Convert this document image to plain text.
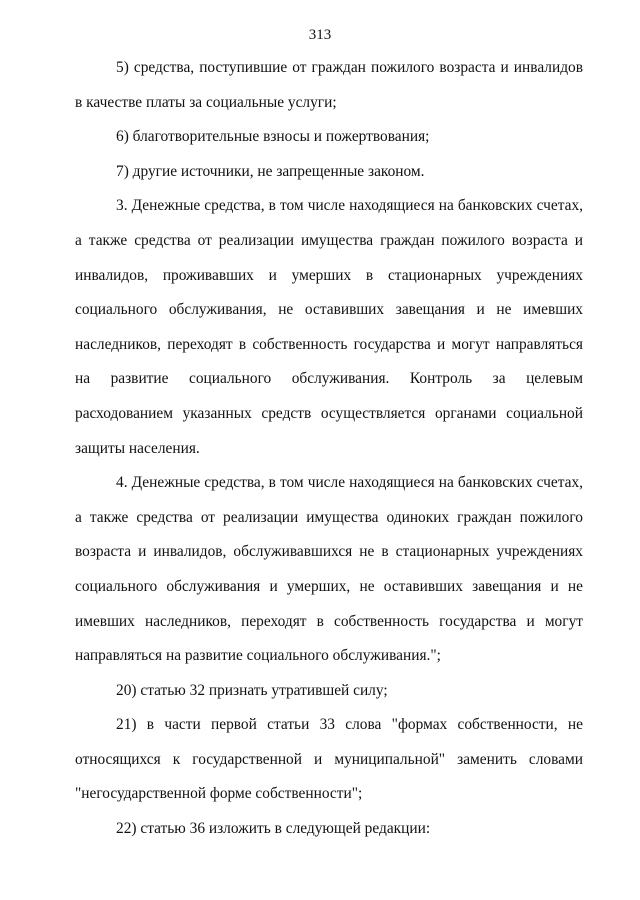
313

5) средства, поступившие от граждан пожилого возраста и инвалидов в качестве платы за социальные услуги;

6) благотворительные взносы и пожертвования;

7) другие источники, не запрещенные законом.

3. Денежные средства, в том числе находящиеся на банковских счетах, а также средства от реализации имущества граждан пожилого возраста и инвалидов, проживавших и умерших в стационарных учреждениях социального обслуживания, не оставивших завещания и не имевших наследников, переходят в собственность государства и могут направляться на развитие социального обслуживания. Контроль за целевым расходованием указанных средств осуществляется органами социальной защиты населения.

4. Денежные средства, в том числе находящиеся на банковских счетах, а также средства от реализации имущества одиноких граждан пожилого возраста и инвалидов, обслуживавшихся не в стационарных учреждениях социального обслуживания и умерших, не оставивших завещания и не имевших наследников, переходят в собственность государства и могут направляться на развитие социального обслуживания.";

20) статью 32 признать утратившей силу;

21) в части первой статьи 33 слова "формах собственности, не относящихся к государственной и муниципальной" заменить словами "негосударственной форме собственности";

22) статью 36 изложить в следующей редакции:
